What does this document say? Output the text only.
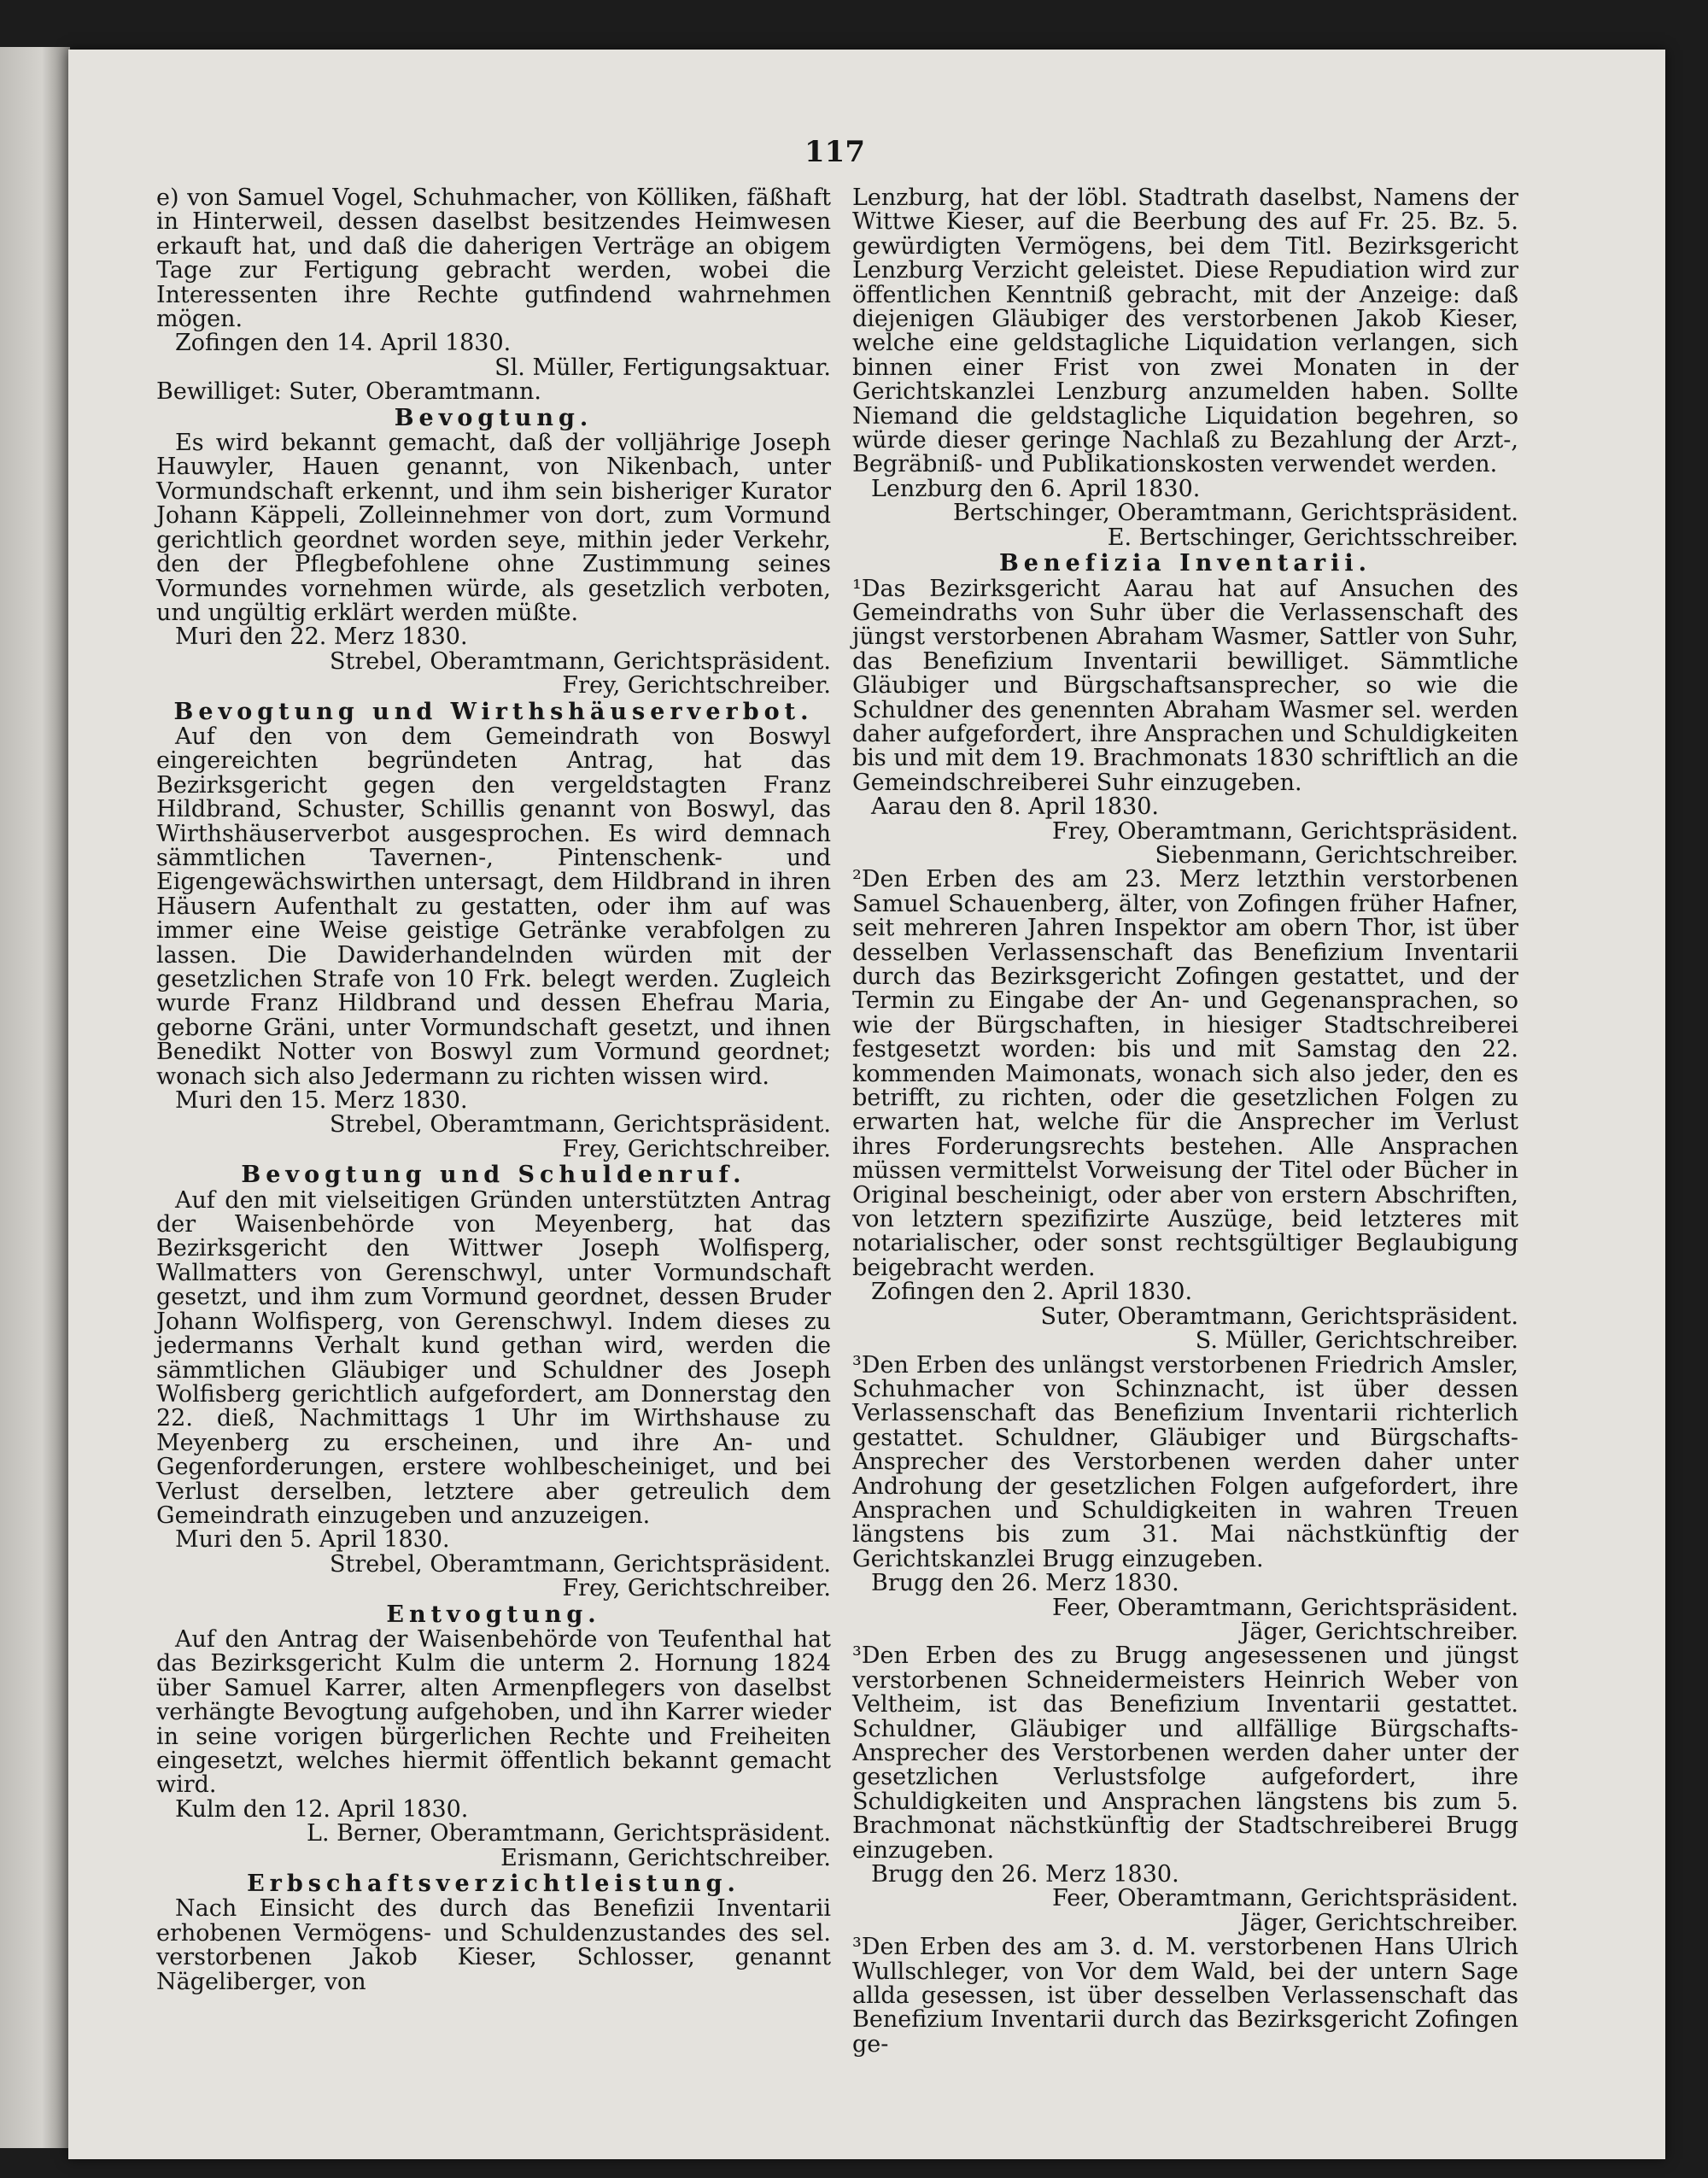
117

e) von Samuel Vogel, Schuhmacher, von Kölliken, fäßhaft in Hinterweil, dessen daselbst besitzendes Heimwesen erkauft hat, und daß die daherigen Verträge an obigem Tage zur Fertigung gebracht werden, wobei die Interessenten ihre Rechte gutfindend wahrnehmen mögen.

Zofingen den 14. April 1830.

Sl. Müller, Fertigungsaktuar.

Bewilliget: Suter, Oberamtmann.

Bevogtung.

Es wird bekannt gemacht, daß der volljährige Joseph Hauwyler, Hauen genannt, von Nikenbach, unter Vormundschaft erkennt, und ihm sein bisheriger Kurator Johann Käppeli, Zolleinnehmer von dort, zum Vormund gerichtlich geordnet worden seye, mithin jeder Verkehr, den der Pflegbefohlene ohne Zustimmung seines Vormundes vornehmen würde, als gesetzlich verboten, und ungültig erklärt werden müßte.

Muri den 22. Merz 1830.

Strebel, Oberamtmann, Gerichtspräsident.

Frey, Gerichtschreiber.

Bevogtung und Wirthshäuserverbot.

Auf den von dem Gemeindrath von Boswyl eingereichten begründeten Antrag, hat das Bezirksgericht gegen den vergeldstagten Franz Hildbrand, Schuster, Schillis genannt von Boswyl, das Wirthshäuserverbot ausgesprochen. Es wird demnach sämmtlichen Tavernen-, Pintenschenk- und Eigengewächswirthen untersagt, dem Hildbrand in ihren Häusern Aufenthalt zu gestatten, oder ihm auf was immer eine Weise geistige Getränke verabfolgen zu lassen. Die Dawiderhandelnden würden mit der gesetzlichen Strafe von 10 Frk. belegt werden. Zugleich wurde Franz Hildbrand und dessen Ehefrau Maria, geborne Gräni, unter Vormundschaft gesetzt, und ihnen Benedikt Notter von Boswyl zum Vormund geordnet; wonach sich also Jedermann zu richten wissen wird.

Muri den 15. Merz 1830.

Strebel, Oberamtmann, Gerichtspräsident.

Frey, Gerichtschreiber.

Bevogtung und Schuldenruf.

Auf den mit vielseitigen Gründen unterstützten Antrag der Waisenbehörde von Meyenberg, hat das Bezirksgericht den Wittwer Joseph Wolfisperg, Wallmatters von Gerenschwyl, unter Vormundschaft gesetzt, und ihm zum Vormund geordnet, dessen Bruder Johann Wolfisperg, von Gerenschwyl. Indem dieses zu jedermanns Verhalt kund gethan wird, werden die sämmtlichen Gläubiger und Schuldner des Joseph Wolfisberg gerichtlich aufgefordert, am Donnerstag den 22. dieß, Nachmittags 1 Uhr im Wirthshause zu Meyenberg zu erscheinen, und ihre An- und Gegenforderungen, erstere wohlbescheiniget, und bei Verlust derselben, letztere aber getreulich dem Gemeindrath einzugeben und anzuzeigen.

Muri den 5. April 1830.

Strebel, Oberamtmann, Gerichtspräsident.

Frey, Gerichtschreiber.

Entvogtung.

Auf den Antrag der Waisenbehörde von Teufenthal hat das Bezirksgericht Kulm die unterm 2. Hornung 1824 über Samuel Karrer, alten Armenpflegers von daselbst verhängte Bevogtung aufgehoben, und ihn Karrer wieder in seine vorigen bürgerlichen Rechte und Freiheiten eingesetzt, welches hiermit öffentlich bekannt gemacht wird.

Kulm den 12. April 1830.

L. Berner, Oberamtmann, Gerichtspräsident.

Erismann, Gerichtschreiber.

Erbschaftsverzichtleistung.

Nach Einsicht des durch das Benefizii Inventarii erhobenen Vermögens- und Schuldenzustandes des sel. verstorbenen Jakob Kieser, Schlosser, genannt Nägeliberger, von

Lenzburg, hat der löbl. Stadtrath daselbst, Namens der Wittwe Kieser, auf die Beerbung des auf Fr. 25. Bz. 5. gewürdigten Vermögens, bei dem Titl. Bezirksgericht Lenzburg Verzicht geleistet. Diese Repudiation wird zur öffentlichen Kenntniß gebracht, mit der Anzeige: daß diejenigen Gläubiger des verstorbenen Jakob Kieser, welche eine geldstagliche Liquidation verlangen, sich binnen einer Frist von zwei Monaten in der Gerichtskanzlei Lenzburg anzumelden haben. Sollte Niemand die geldstagliche Liquidation begehren, so würde dieser geringe Nachlaß zu Bezahlung der Arzt-, Begräbniß- und Publikationskosten verwendet werden.

Lenzburg den 6. April 1830.

Bertschinger, Oberamtmann, Gerichtspräsident.

E. Bertschinger, Gerichtsschreiber.

Benefizia Inventarii.

¹Das Bezirksgericht Aarau hat auf Ansuchen des Gemeindraths von Suhr über die Verlassenschaft des jüngst verstorbenen Abraham Wasmer, Sattler von Suhr, das Benefizium Inventarii bewilliget. Sämmtliche Gläubiger und Bürgschaftsansprecher, so wie die Schuldner des genennten Abraham Wasmer sel. werden daher aufgefordert, ihre Ansprachen und Schuldigkeiten bis und mit dem 19. Brachmonats 1830 schriftlich an die Gemeindschreiberei Suhr einzugeben.

Aarau den 8. April 1830.

Frey, Oberamtmann, Gerichtspräsident.

Siebenmann, Gerichtschreiber.

²Den Erben des am 23. Merz letzthin verstorbenen Samuel Schauenberg, älter, von Zofingen früher Hafner, seit mehreren Jahren Inspektor am obern Thor, ist über desselben Verlassenschaft das Benefizium Inventarii durch das Bezirksgericht Zofingen gestattet, und der Termin zu Eingabe der An- und Gegenansprachen, so wie der Bürgschaften, in hiesiger Stadtschreiberei festgesetzt worden: bis und mit Samstag den 22. kommenden Maimonats, wonach sich also jeder, den es betrifft, zu richten, oder die gesetzlichen Folgen zu erwarten hat, welche für die Ansprecher im Verlust ihres Forderungsrechts bestehen. Alle Ansprachen müssen vermittelst Vorweisung der Titel oder Bücher in Original bescheinigt, oder aber von erstern Abschriften, von letztern spezifizirte Auszüge, beid letzteres mit notarialischer, oder sonst rechtsgültiger Beglaubigung beigebracht werden.

Zofingen den 2. April 1830.

Suter, Oberamtmann, Gerichtspräsident.

S. Müller, Gerichtschreiber.

³Den Erben des unlängst verstorbenen Friedrich Amsler, Schuhmacher von Schinznacht, ist über dessen Verlassenschaft das Benefizium Inventarii richterlich gestattet. Schuldner, Gläubiger und Bürgschafts-Ansprecher des Verstorbenen werden daher unter Androhung der gesetzlichen Folgen aufgefordert, ihre Ansprachen und Schuldigkeiten in wahren Treuen längstens bis zum 31. Mai nächstkünftig der Gerichtskanzlei Brugg einzugeben.

Brugg den 26. Merz 1830.

Feer, Oberamtmann, Gerichtspräsident.

Jäger, Gerichtschreiber.

³Den Erben des zu Brugg angesessenen und jüngst verstorbenen Schneidermeisters Heinrich Weber von Veltheim, ist das Benefizium Inventarii gestattet. Schuldner, Gläubiger und allfällige Bürgschafts-Ansprecher des Verstorbenen werden daher unter der gesetzlichen Verlustsfolge aufgefordert, ihre Schuldigkeiten und Ansprachen längstens bis zum 5. Brachmonat nächstkünftig der Stadtschreiberei Brugg einzugeben.

Brugg den 26. Merz 1830.

Feer, Oberamtmann, Gerichtspräsident.

Jäger, Gerichtschreiber.

³Den Erben des am 3. d. M. verstorbenen Hans Ulrich Wullschleger, von Vor dem Wald, bei der untern Sage allda gesessen, ist über desselben Verlassenschaft das Benefizium Inventarii durch das Bezirksgericht Zofingen ge-
